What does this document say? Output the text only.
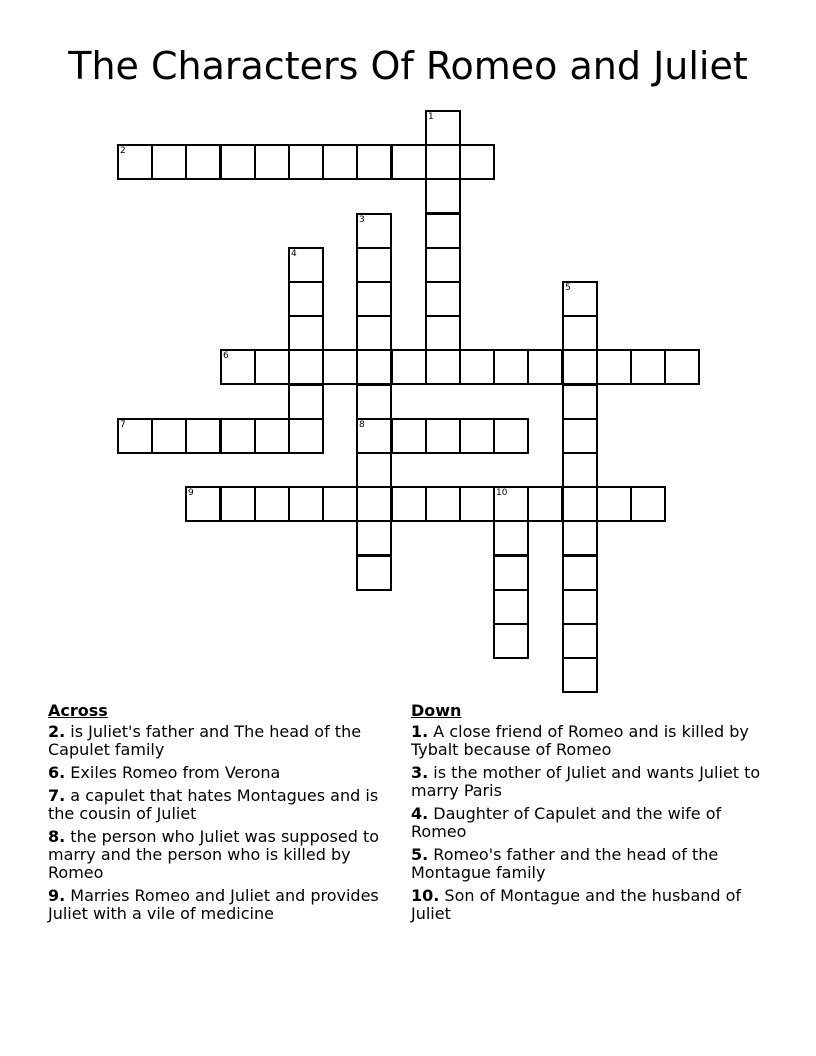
The Characters Of Romeo and Juliet
1
2
3
8
4
5
6
7
9	10
Across
2. is Juliet's father and The head of the Capulet family
6. Exiles Romeo from Verona
7. a capulet that hates Montagues and is the cousin of Juliet
8. the person who Juliet was supposed to marry and the person who is killed by Romeo
9. Marries Romeo and Juliet and provides Juliet with a vile of medicine
Down
1. A close friend of Romeo and is killed by Tybalt because of Romeo
3. is the mother of Juliet and wants Juliet to marry Paris
4. Daughter of Capulet and the wife of Romeo
5. Romeo's father and the head of the Montague family
10. Son of Montague and the husband of Juliet
